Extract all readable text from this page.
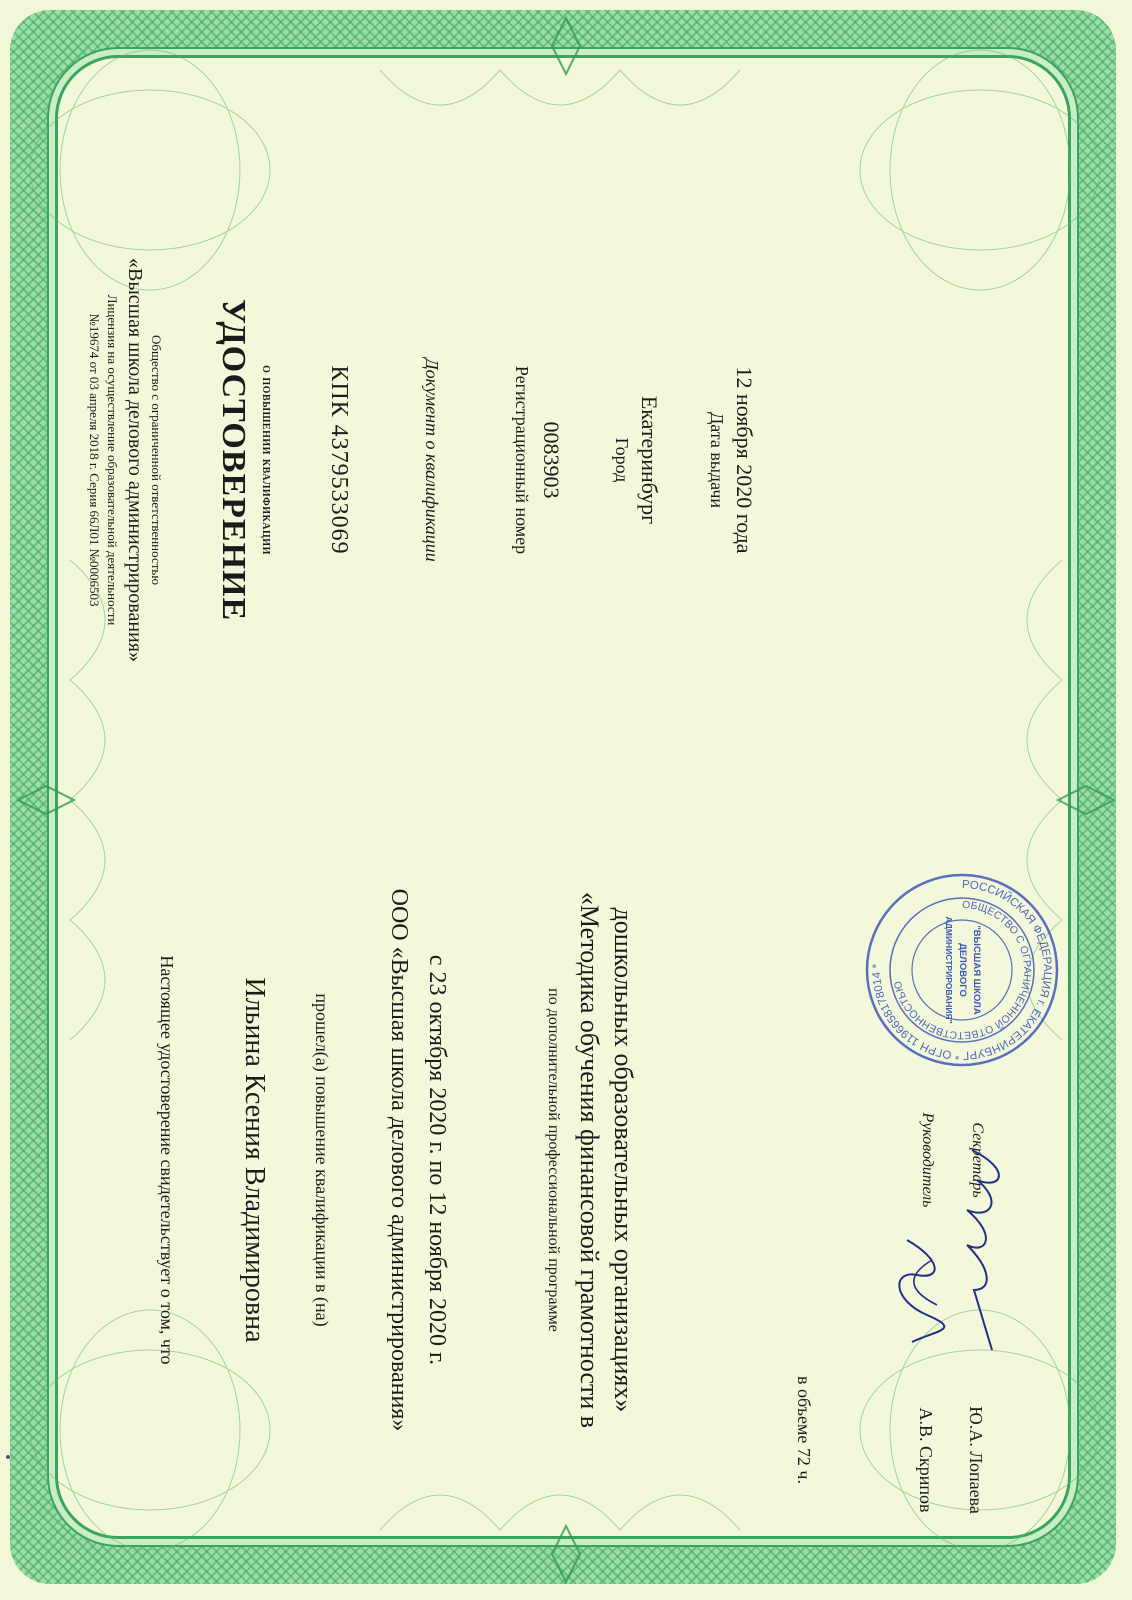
Общество с ограниченной ответственностью
«Высшая школа делового администрирования»
Лицензия на осуществление образовательной деятельности
№19674 от 03 апреля 2018 г. Серия 66Л01 №0006503	УДОСТОВЕРЕНИЕ о повышении квалификации КПК 4379533069	Документ о квалификации	Регистрационный номер 0083903	Город Екатеринбург	Дата выдачи 12 ноября 2020 года
Настоящее удостоверение свидетельствует о том, что Ильина Ксения Владимировна прошел(а) повышение квалификации в (на) ООО «Высшая школа делового администрирования» с 23 октября 2020 г. по 12 ноября 2020 г.	по дополнительной профессиональной программе «Методика обучения финансовой грамотности в дошкольных образовательных организациях»
в объеме 72 ч.
Руководитель
А.В. Скрипов
Секретарь
Ю.А. Лопаева
РОССИЙСКАЯ ФЕДЕРАЦИЯ г. ЕКАТЕРИНБУРГ * ОГРН 1196658178014 *
ОБЩЕСТВО С ОГРАНИЧЕННОЙ ОТВЕТСТВЕННОСТЬЮ	"ВЫСШАЯ ШКОЛА
ДЕЛОВОГО
АДМИНИСТРИРОВАНИЯ"
